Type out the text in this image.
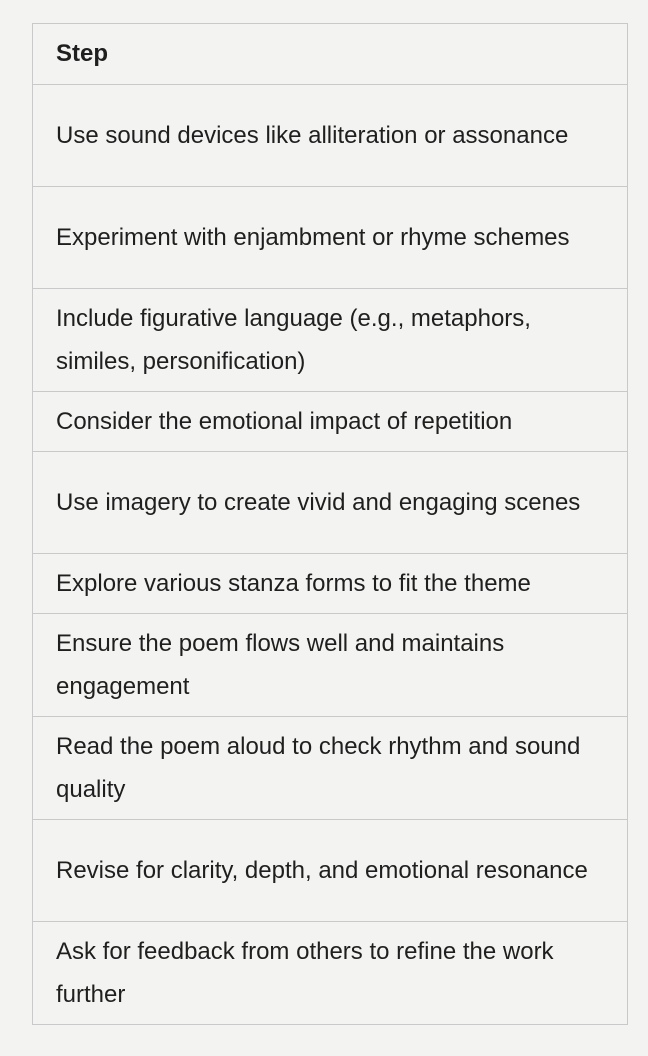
Step
Use sound devices like alliteration or assonance
Experiment with enjambment or rhyme schemes
Include figurative language (e.g., metaphors, similes, personification)
Consider the emotional impact of repetition
Use imagery to create vivid and engaging scenes
Explore various stanza forms to fit the theme
Ensure the poem flows well and maintains engagement
Read the poem aloud to check rhythm and sound quality
Revise for clarity, depth, and emotional resonance
Ask for feedback from others to refine the work further
